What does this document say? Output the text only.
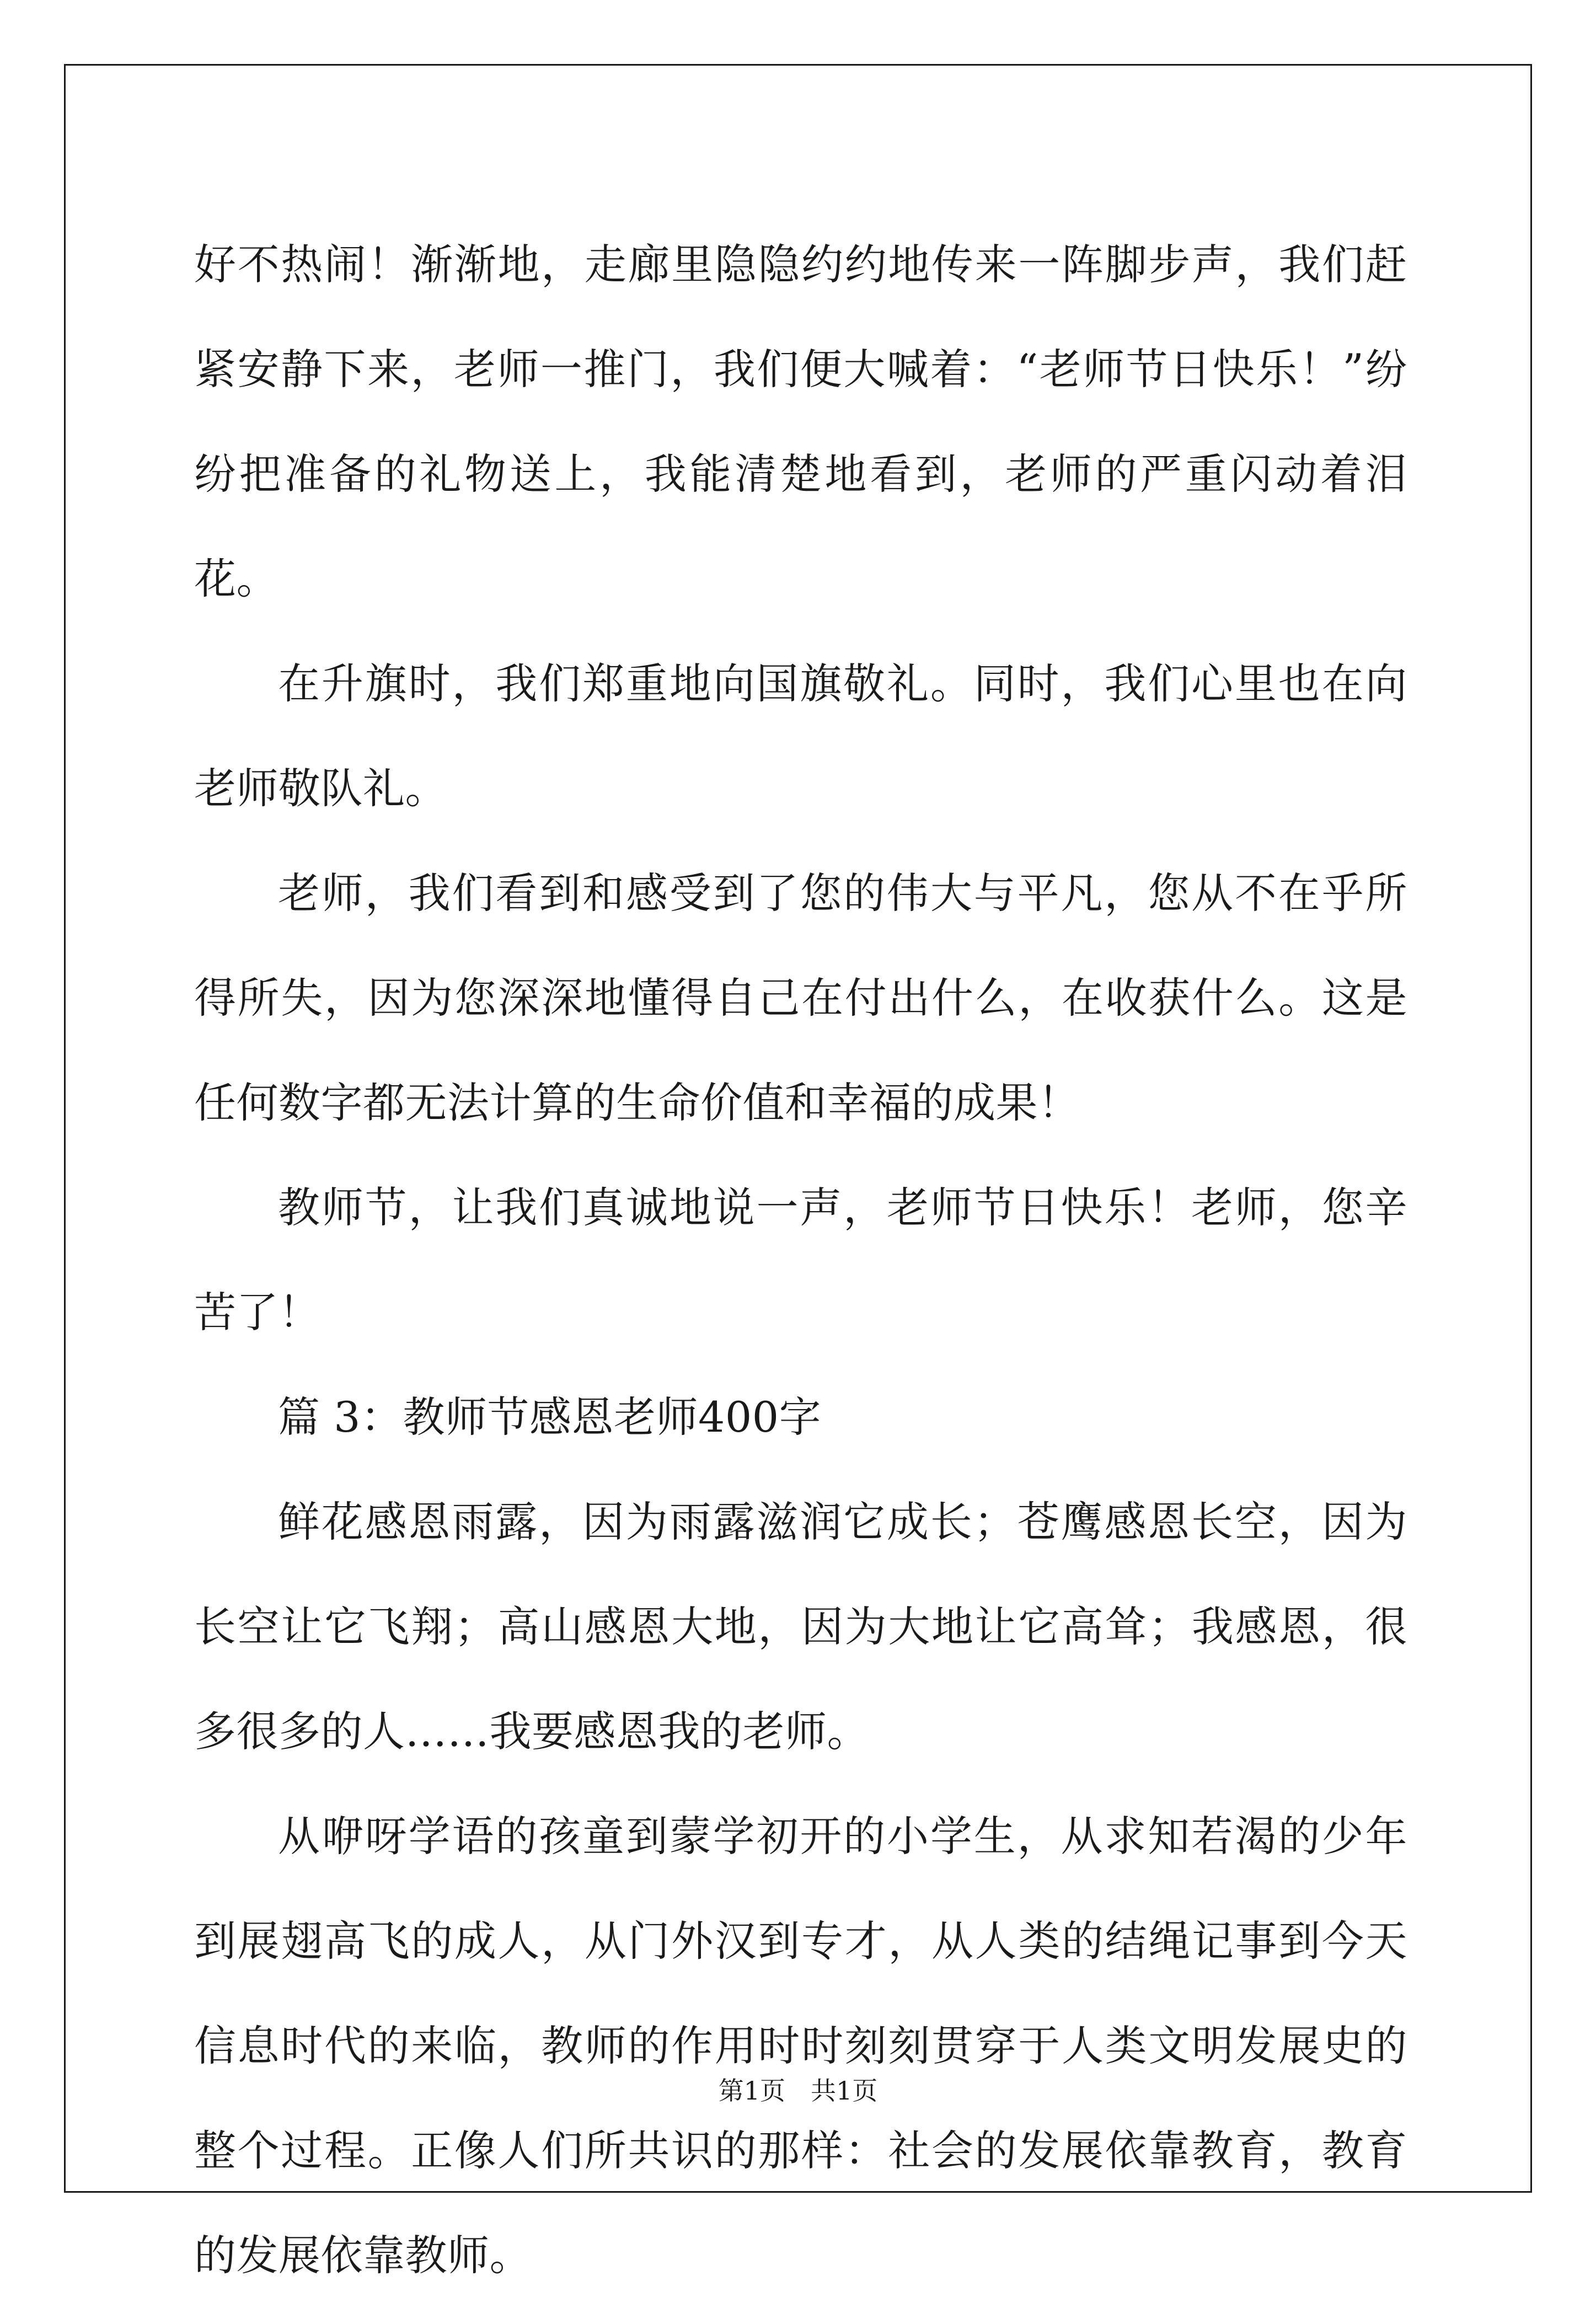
好不热闹！渐渐地，走廊里隐隐约约地传来一阵脚步声，我们赶紧安静下来，老师一推门，我们便大喊着：“老师节日快乐！”纷纷把准备的礼物送上，我能清楚地看到，老师的严重闪动着泪花。

在升旗时，我们郑重地向国旗敬礼。同时，我们心里也在向老师敬队礼。

老师，我们看到和感受到了您的伟大与平凡，您从不在乎所得所失，因为您深深地懂得自己在付出什么，在收获什么。这是任何数字都无法计算的生命价值和幸福的成果！

教师节，让我们真诚地说一声，老师节日快乐！老师，您辛苦了！

篇 3：教师节感恩老师400字

鲜花感恩雨露，因为雨露滋润它成长；苍鹰感恩长空，因为长空让它飞翔；高山感恩大地，因为大地让它高耸；我感恩，很多很多的人……我要感恩我的老师。

从咿呀学语的孩童到蒙学初开的小学生，从求知若渴的少年到展翅高飞的成人，从门外汉到专才，从人类的结绳记事到今天信息时代的来临，教师的作用时时刻刻贯穿于人类文明发展史的整个过程。正像人们所共识的那样：社会的发展依靠教育，教育的发展依靠教师。

第1页 共1页
